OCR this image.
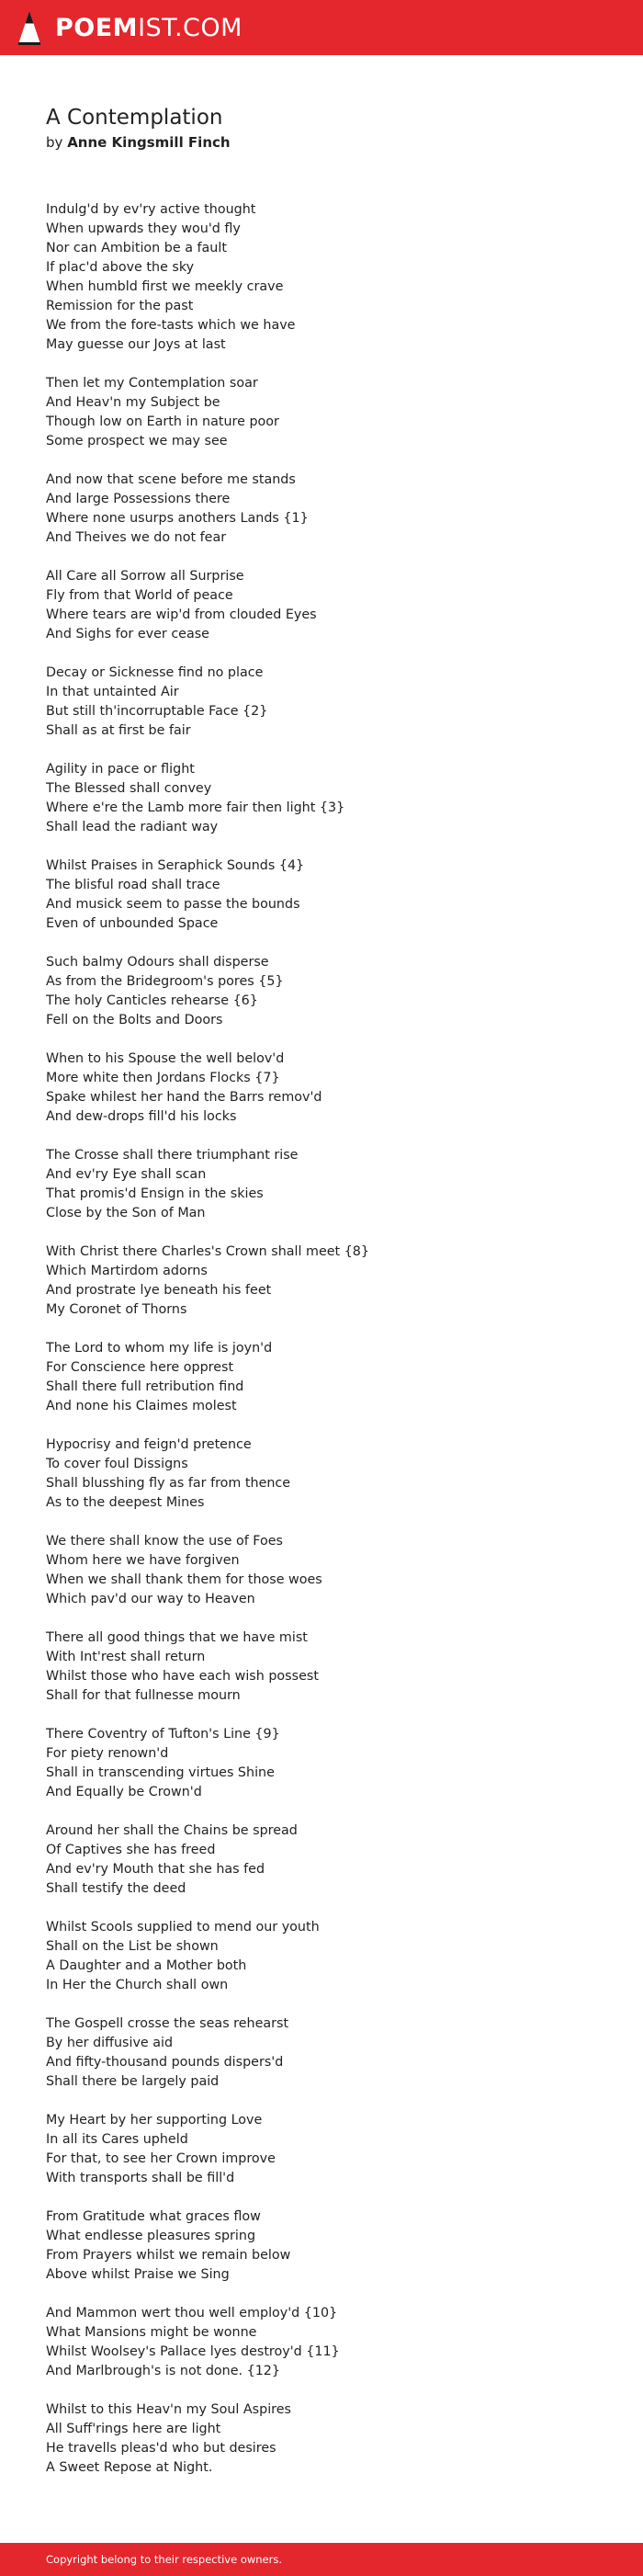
POEMIST.COM
A Contemplation
by Anne Kingsmill Finch
Indulg'd by ev'ry active thought
When upwards they wou'd fly
Nor can Ambition be a fault
If plac'd above the sky
When humbld first we meekly crave
Remission for the past
We from the fore-tasts which we have
May guesse our Joys at last
Then let my Contemplation soar
And Heav'n my Subject be
Though low on Earth in nature poor
Some prospect we may see
And now that scene before me stands
And large Possessions there
Where none usurps anothers Lands {1}
And Theives we do not fear
All Care all Sorrow all Surprise
Fly from that World of peace
Where tears are wip'd from clouded Eyes
And Sighs for ever cease
Decay or Sicknesse find no place
In that untainted Air
But still th'incorruptable Face {2}
Shall as at first be fair
Agility in pace or flight
The Blessed shall convey
Where e're the Lamb more fair then light {3}
Shall lead the radiant way
Whilst Praises in Seraphick Sounds {4}
The blisful road shall trace
And musick seem to passe the bounds
Even of unbounded Space
Such balmy Odours shall disperse
As from the Bridegroom's pores {5}
The holy Canticles rehearse {6}
Fell on the Bolts and Doors
When to his Spouse the well belov'd
More white then Jordans Flocks {7}
Spake whilest her hand the Barrs remov'd
And dew-drops fill'd his locks
The Crosse shall there triumphant rise
And ev'ry Eye shall scan
That promis'd Ensign in the skies
Close by the Son of Man
With Christ there Charles's Crown shall meet {8}
Which Martirdom adorns
And prostrate lye beneath his feet
My Coronet of Thorns
The Lord to whom my life is joyn'd
For Conscience here opprest
Shall there full retribution find
And none his Claimes molest
Hypocrisy and feign'd pretence
To cover foul Dissigns
Shall blusshing fly as far from thence
As to the deepest Mines
We there shall know the use of Foes
Whom here we have forgiven
When we shall thank them for those woes
Which pav'd our way to Heaven
There all good things that we have mist
With Int'rest shall return
Whilst those who have each wish possest
Shall for that fullnesse mourn
There Coventry of Tufton's Line {9}
For piety renown'd
Shall in transcending virtues Shine
And Equally be Crown'd
Around her shall the Chains be spread
Of Captives she has freed
And ev'ry Mouth that she has fed
Shall testify the deed
Whilst Scools supplied to mend our youth
Shall on the List be shown
A Daughter and a Mother both
In Her the Church shall own
The Gospell crosse the seas rehearst
By her diffusive aid
And fifty-thousand pounds dispers'd
Shall there be largely paid
My Heart by her supporting Love
In all its Cares upheld
For that, to see her Crown improve
With transports shall be fill'd
From Gratitude what graces flow
What endlesse pleasures spring
From Prayers whilst we remain below
Above whilst Praise we Sing
And Mammon wert thou well employ'd {10}
What Mansions might be wonne
Whilst Woolsey's Pallace lyes destroy'd {11}
And Marlbrough's is not done. {12}
Whilst to this Heav'n my Soul Aspires
All Suff'rings here are light
He travells pleas'd who but desires
A Sweet Repose at Night.
Copyright belong to their respective owners.
